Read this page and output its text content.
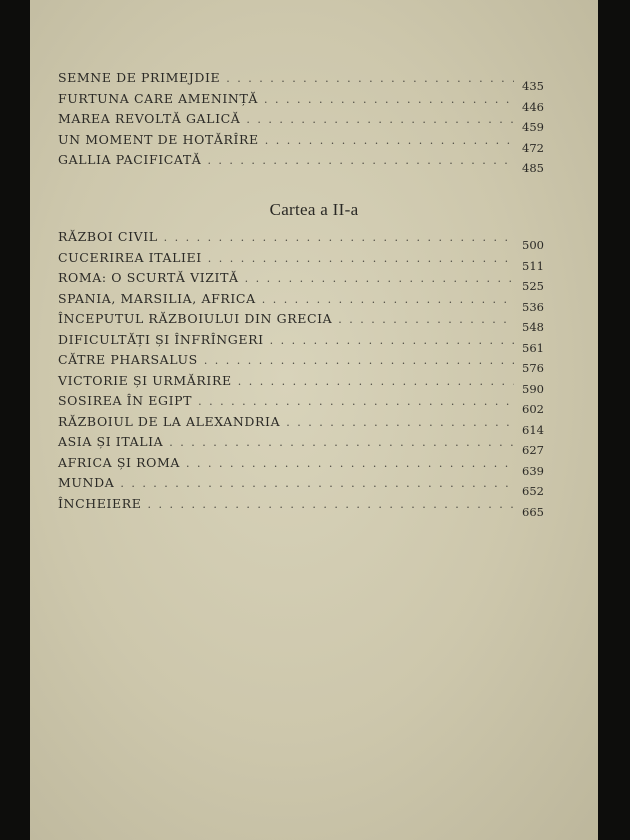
SEMNE DE PRIMEJDIE
. . .
435
FURTUNA CARE AMENINȚĂ
. . .
446
MAREA REVOLTĂ GALICĂ
. . .
459
UN MOMENT DE HOTĂRÎRE
. . .
472
GALLIA PACIFICATĂ
. . .
485
Cartea a II-a
RĂZBOI CIVIL
. . .
500
CUCERIREA ITALIEI
. . .
511
ROMA: O SCURTĂ VIZITĂ
. . .
525
SPANIA, MARSILIA, AFRICA
. . .
536
ÎNCEPUTUL RĂZBOIULUI DIN GRECIA
. . .
548
DIFICULTĂȚI ȘI ÎNFRÎNGERI
. . .
561
CĂTRE PHARSALUS
. . .
576
VICTORIE ȘI URMĂRIRE
. . .
590
SOSIREA ÎN EGIPT
. . .
602
RĂZBOIUL DE LA ALEXANDRIA
. . .
614
ASIA ȘI ITALIA
. . .
627
AFRICA ȘI ROMA
. . .
639
MUNDA
. . .
652
ÎNCHEIERE
. . .
665
